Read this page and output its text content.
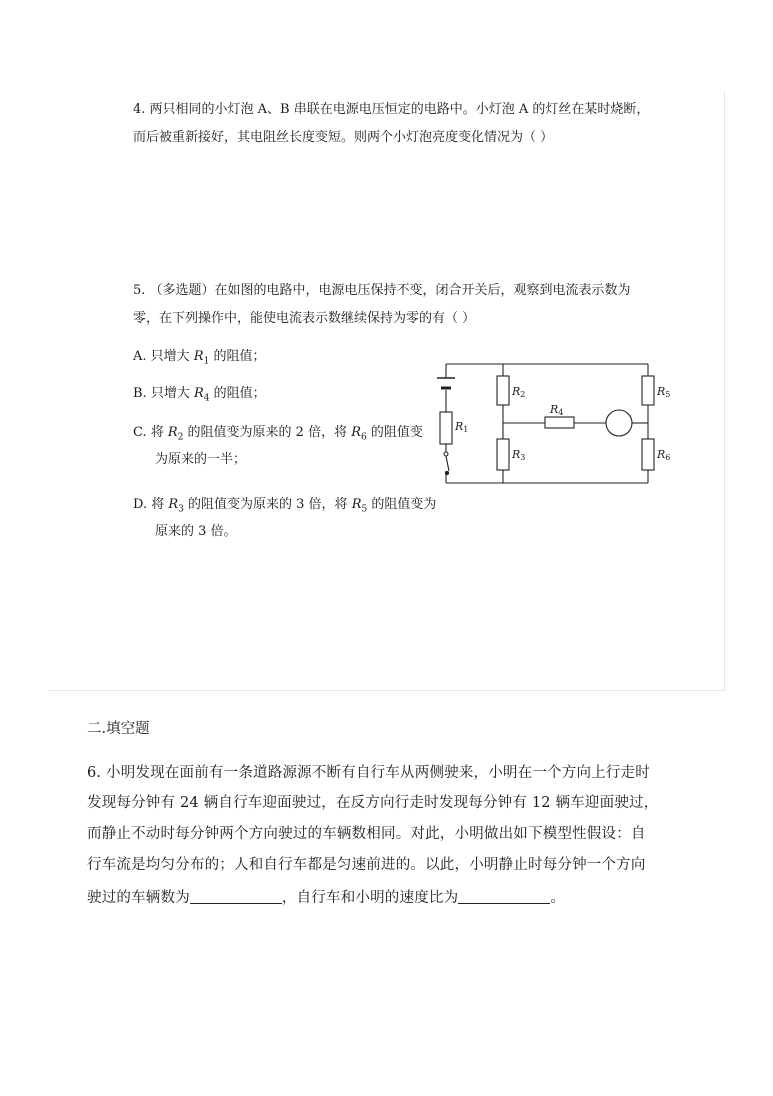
4. 两只相同的小灯泡 A、B 串联在电源电压恒定的电路中。小灯泡 A 的灯丝在某时烧断，
而后被重新接好，其电阻丝长度变短。则两个小灯泡亮度变化情况为（ ）
5. （多选题）在如图的电路中，电源电压保持不变，闭合开关后，观察到电流表示数为
零，在下列操作中，能使电流表示数继续保持为零的有（ ）
A. 只增大 $R_1$ 的阻值；
B. 只增大 $R_4$ 的阻值；
C. 将 $R_2$ 的阻值变为原来的 2 倍，将 $R_6$ 的阻值变
为原来的一半；
D. 将 $R_3$ 的阻值变为原来的 3 倍，将 $R_5$ 的阻值变为
原来的 3 倍。
R1
R2
R3
R4
R5
R6
二.填空题
6. 小明发现在面前有一条道路源源不断有自行车从两侧驶来，小明在一个方向上行走时
发现每分钟有 24 辆自行车迎面驶过，在反方向行走时发现每分钟有 12 辆车迎面驶过，
而静止不动时每分钟两个方向驶过的车辆数相同。对此，小明做出如下模型性假设：自
行车流是均匀分布的；人和自行车都是匀速前进的。以此，小明静止时每分钟一个方向
驶过的车辆数为	，自行车和小明的速度比为	。
